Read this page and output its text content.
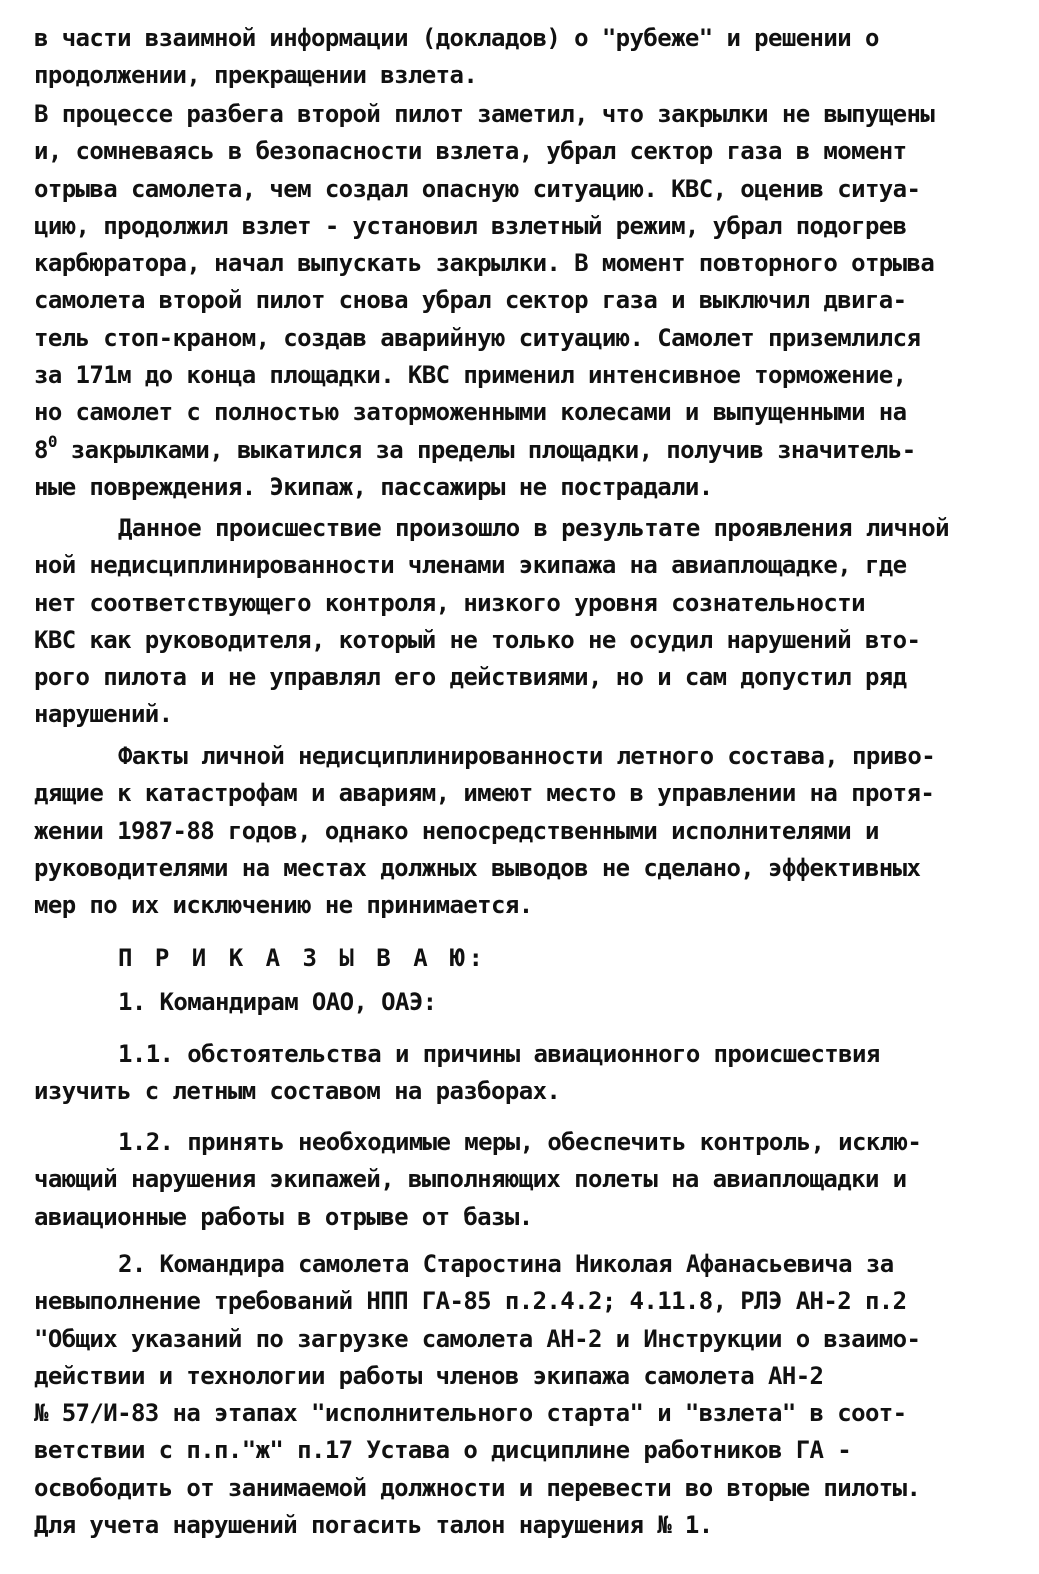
в части взаимной информации (докладов) о "рубеже" и решении о
продолжении, прекращении взлета.
В процессе разбега второй пилот заметил, что закрылки не выпущены
и, сомневаясь в безопасности взлета, убрал сектор газа в момент
отрыва самолета, чем создал опасную ситуацию. КВС, оценив ситуа-
цию, продолжил взлет - установил взлетный режим, убрал подогрев
карбюратора, начал выпускать закрылки. В момент повторного отрыва
самолета второй пилот снова убрал сектор газа и выключил двига-
тель стоп-краном, создав аварийную ситуацию. Самолет приземлился
за 171м до конца площадки. КВС применил интенсивное торможение,
но самолет с полностью заторможенными колесами и выпущенными на
$8^0$ закрылками, выкатился за пределы площадки, получив значитель-
ные повреждения. Экипаж, пассажиры не пострадали.
Данное происшествие произошло в результате проявления личной
ной недисциплинированности членами экипажа на авиаплощадке, где
нет соответствующего контроля, низкого уровня сознательности
КВС как руководителя, который не только не осудил нарушений вто-
рого пилота и не управлял его действиями, но и сам допустил ряд
нарушений.
Факты личной недисциплинированности летного состава, приво-
дящие к катастрофам и авариям, имеют место в управлении на протя-
жении 1987-88 годов, однако непосредственными исполнителями и
руководителями на местах должных выводов не сделано, эффективных
мер по их исключению не принимается.
П Р И К А З Ы В А Ю:
1. Командирам ОАО, ОАЭ:
1.1. обстоятельства и причины авиационного происшествия
изучить с летным составом на разборах.
1.2. принять необходимые меры, обеспечить контроль, исклю-
чающий нарушения экипажей, выполняющих полеты на авиаплощадки и
авиационные работы в отрыве от базы.
2. Командира самолета Старостина Николая Афанасьевича за
невыполнение требований НПП ГА-85 п.2.4.2; 4.11.8, РЛЭ АН-2 п.2
"Общих указаний по загрузке самолета АН-2 и Инструкции о взаимо-
действии и технологии работы членов экипажа самолета АН-2
№ 57/И-83 на этапах "исполнительного старта" и "взлета" в соот-
ветствии с п.п."ж" п.17 Устава о дисциплине работников ГА -
освободить от занимаемой должности и перевести во вторые пилоты.
Для учета нарушений погасить талон нарушения № 1.
